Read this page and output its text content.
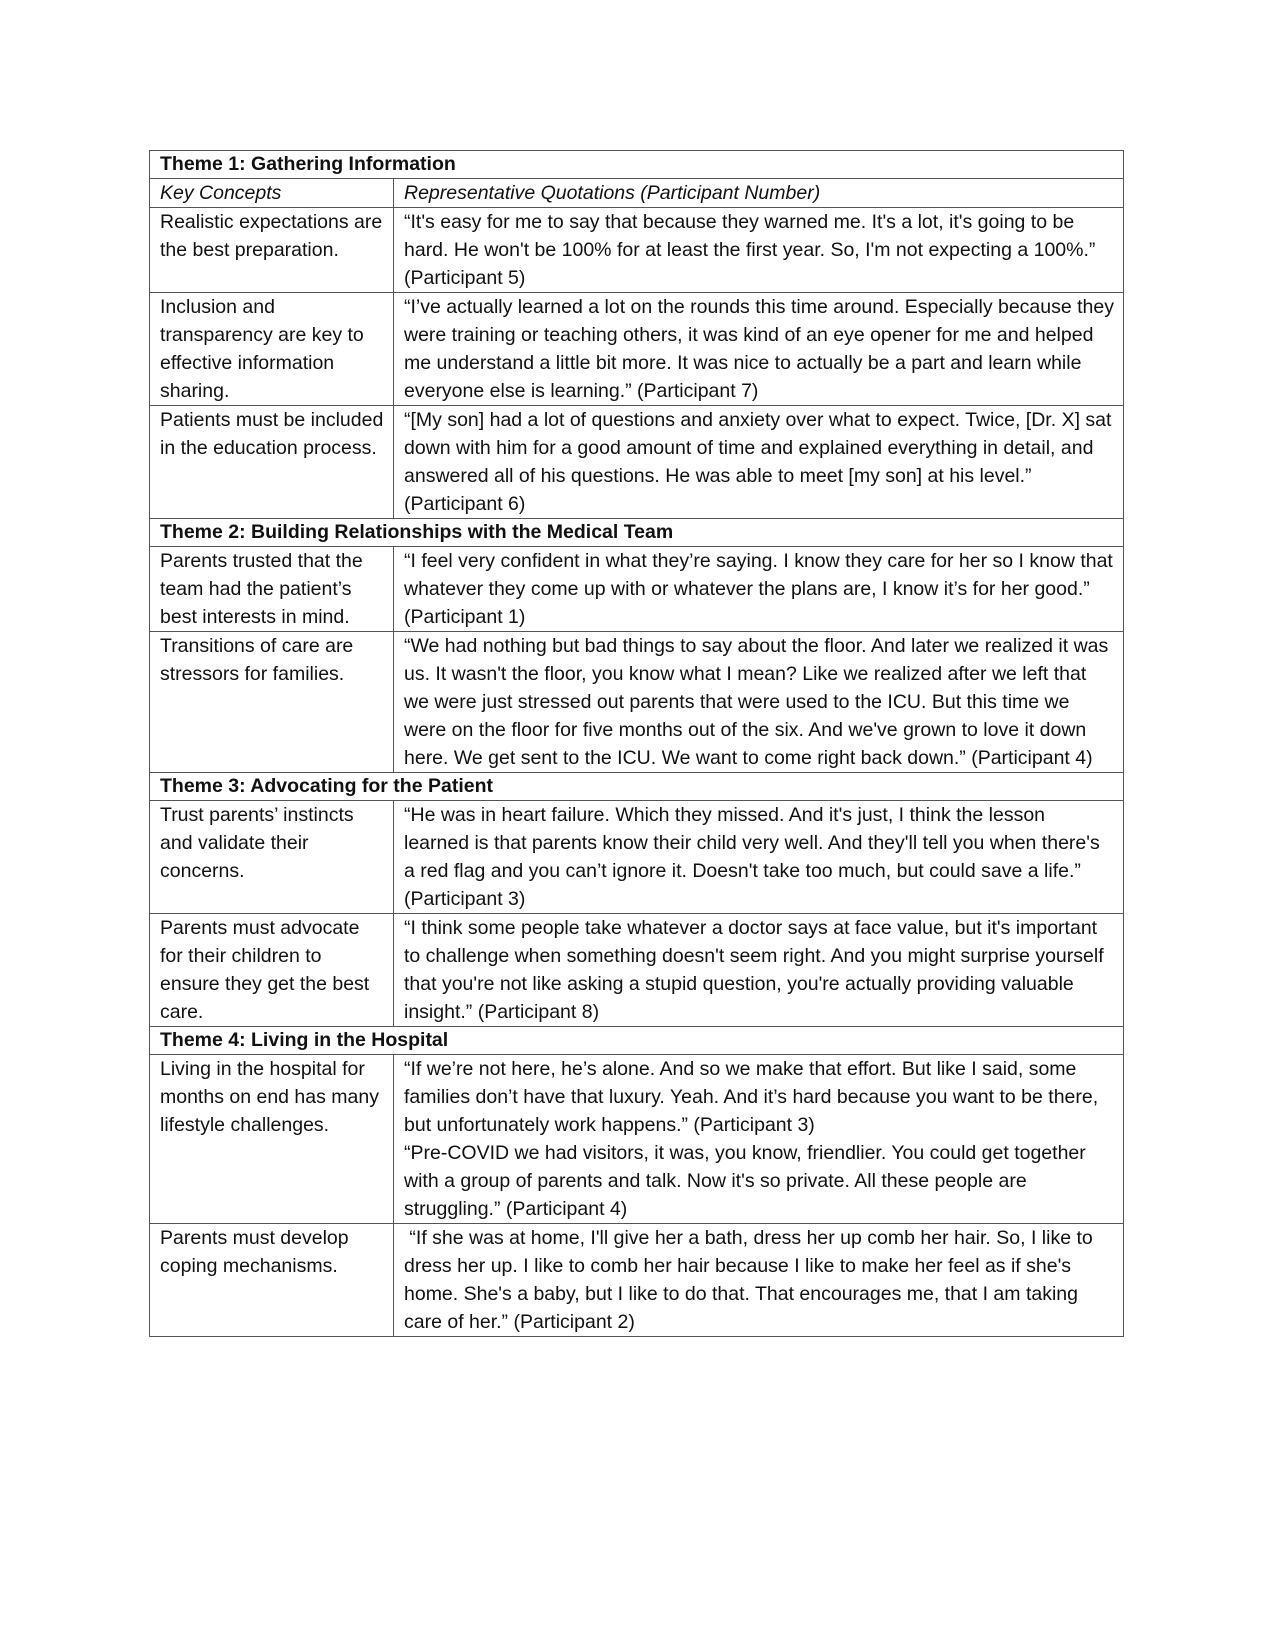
Theme 1: Gathering Information	
Key Concepts	Representative Quotations (Participant Number)
Realistic expectations are the best preparation.	“It's easy for me to say that because they warned me. It's a lot, it's going to be hard. He won't be 100% for at least the first year. So, I'm not expecting a 100%.” (Participant 5)

Inclusion and transparency are key to effective information sharing.	“I’ve actually learned a lot on the rounds this time around. Especially because they were training or teaching others, it was kind of an eye opener for me and helped me understand a little bit more. It was nice to actually be a part and learn while everyone else is learning.” (Participant 7)

Patients must be included in the education process.	“[My son] had a lot of questions and anxiety over what to expect. Twice, [Dr. X] sat down with him for a good amount of time and explained everything in detail, and answered all of his questions. He was able to meet [my son] at his level.” (Participant 6)

Theme 2: Building Relationships with the Medical Team	
Parents trusted that the team had the patient’s best interests in mind.	“I feel very confident in what they’re saying. I know they care for her so I know that whatever they come up with or whatever the plans are, I know it’s for her good.” (Participant 1)

Transitions of care are stressors for families.	“We had nothing but bad things to say about the floor. And later we realized it was us. It wasn't the floor, you know what I mean? Like we realized after we left that we were just stressed out parents that were used to the ICU. But this time we were on the floor for five months out of the six. And we've grown to love it down here. We get sent to the ICU. We want to come right back down.” (Participant 4)

Theme 3: Advocating for the Patient	
Trust parents’ instincts and validate their concerns.	“He was in heart failure. Which they missed. And it's just, I think the lesson learned is that parents know their child very well. And they'll tell you when there's a red flag and you can’t ignore it. Doesn't take too much, but could save a life.” (Participant 3)

Parents must advocate for their children to ensure they get the best care.	“I think some people take whatever a doctor says at face value, but it's important to challenge when something doesn't seem right. And you might surprise yourself that you're not like asking a stupid question, you're actually providing valuable insight.” (Participant 8)

Theme 4: Living in the Hospital	
Living in the hospital for months on end has many lifestyle challenges.	“If we’re not here, he’s alone. And so we make that effort. But like I said, some families don’t have that luxury. Yeah. And it’s hard because you want to be there, but unfortunately work happens.” (Participant 3)
“Pre-COVID we had visitors, it was, you know, friendlier. You could get together with a group of parents and talk. Now it's so private. All these people are struggling.” (Participant 4)

Parents must develop coping mechanisms.	“If she was at home, I'll give her a bath, dress her up comb her hair. So, I like to dress her up. I like to comb her hair because I like to make her feel as if she's home. She's a baby, but I like to do that. That encourages me, that I am taking care of her.” (Participant 2)
